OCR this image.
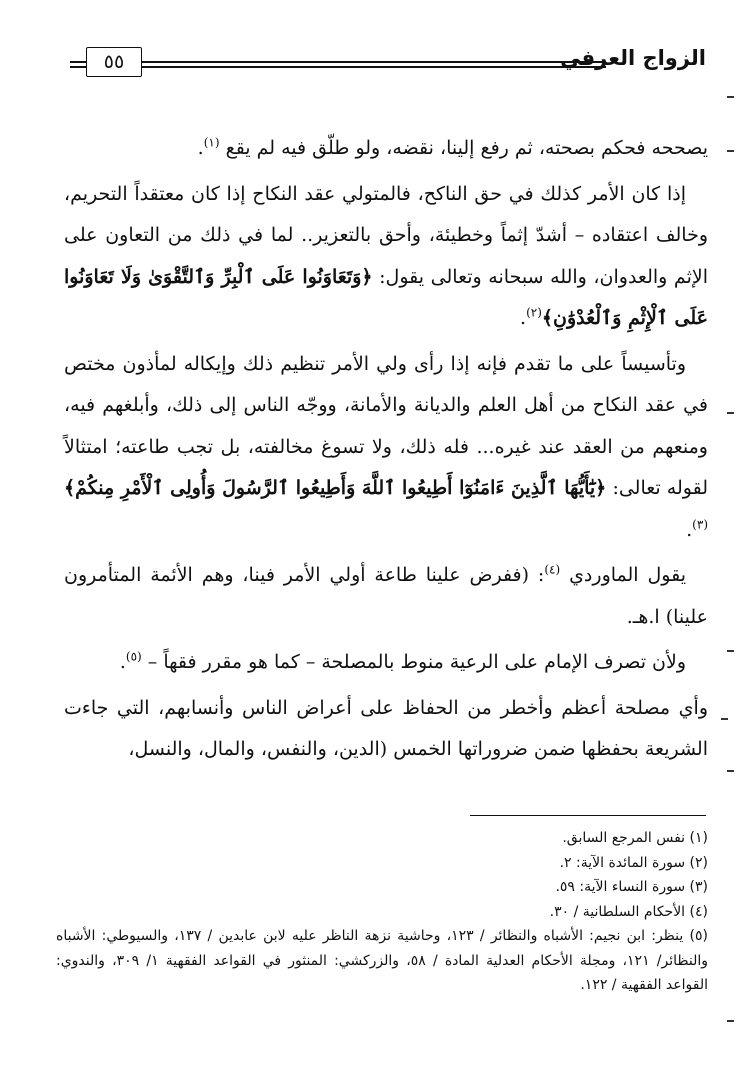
الزواج العرفي
٥٥

يصححه فحكم بصحته، ثم رفع إلينا، نقضه، ولو طلّق فيه لم يقع $^{(١)}$.

إذا كان الأمر كذلك في حق الناكح، فالمتولي عقد النكاح إذا كان معتقداً التحريم، وخالف اعتقاده – أشدّ إثماً وخطيئة، وأحق بالتعزير.. لما في ذلك من التعاون على الإثم والعدوان، والله سبحانه وتعالى يقول: ﴿وَتَعَاوَنُوا عَلَى ٱلْبِرِّ وَٱلتَّقْوَىٰ وَلَا تَعَاوَنُوا عَلَى ٱلْإِثْمِ وَٱلْعُدْوَٰنِ﴾$^{(٢)}$.

وتأسيساً على ما تقدم فإنه إذا رأى ولي الأمر تنظيم ذلك وإيكاله لمأذون مختص في عقد النكاح من أهل العلم والديانة والأمانة، ووجّه الناس إلى ذلك، وأبلغهم فيه، ومنعهم من العقد عند غيره... فله ذلك، ولا تسوغ مخالفته، بل تجب طاعته؛ امتثالاً لقوله تعالى: ﴿يَٰٓأَيُّهَا ٱلَّذِينَ ءَامَنُوٓا أَطِيعُوا ٱللَّهَ وَأَطِيعُوا ٱلرَّسُولَ وَأُولِى ٱلْأَمْرِ مِنكُمْ﴾$^{(٣)}$.

يقول الماوردي $^{(٤)}$: (ففرض علينا طاعة أولي الأمر فينا، وهم الأئمة المتأمرون علينا) ا.هـ.

ولأن تصرف الإمام على الرعية منوط بالمصلحة – كما هو مقرر فقهاً – $^{(٥)}$.

وأي مصلحة أعظم وأخطر من الحفاظ على أعراض الناس وأنسابهم، التي جاءت الشريعة بحفظها ضمن ضروراتها الخمس (الدين، والنفس، والمال، والنسل،

(١) نفس المرجع السابق.

(٢) سورة المائدة الآية: ٢.

(٣) سورة النساء الآية: ٥٩.

(٤) الأحكام السلطانية / ٣٠.

(٥) ينظر: ابن نجيم: الأشباه والنظائر / ١٢٣، وحاشية نزهة الناظر عليه لابن عابدين / ١٣٧، والسيوطي: الأشباه والنظائر/ ١٢١، ومجلة الأحكام العدلية المادة / ٥٨، والزركشي: المنثور في القواعد الفقهية ١/ ٣٠٩، والندوي: القواعد الفقهية / ١٢٢.
